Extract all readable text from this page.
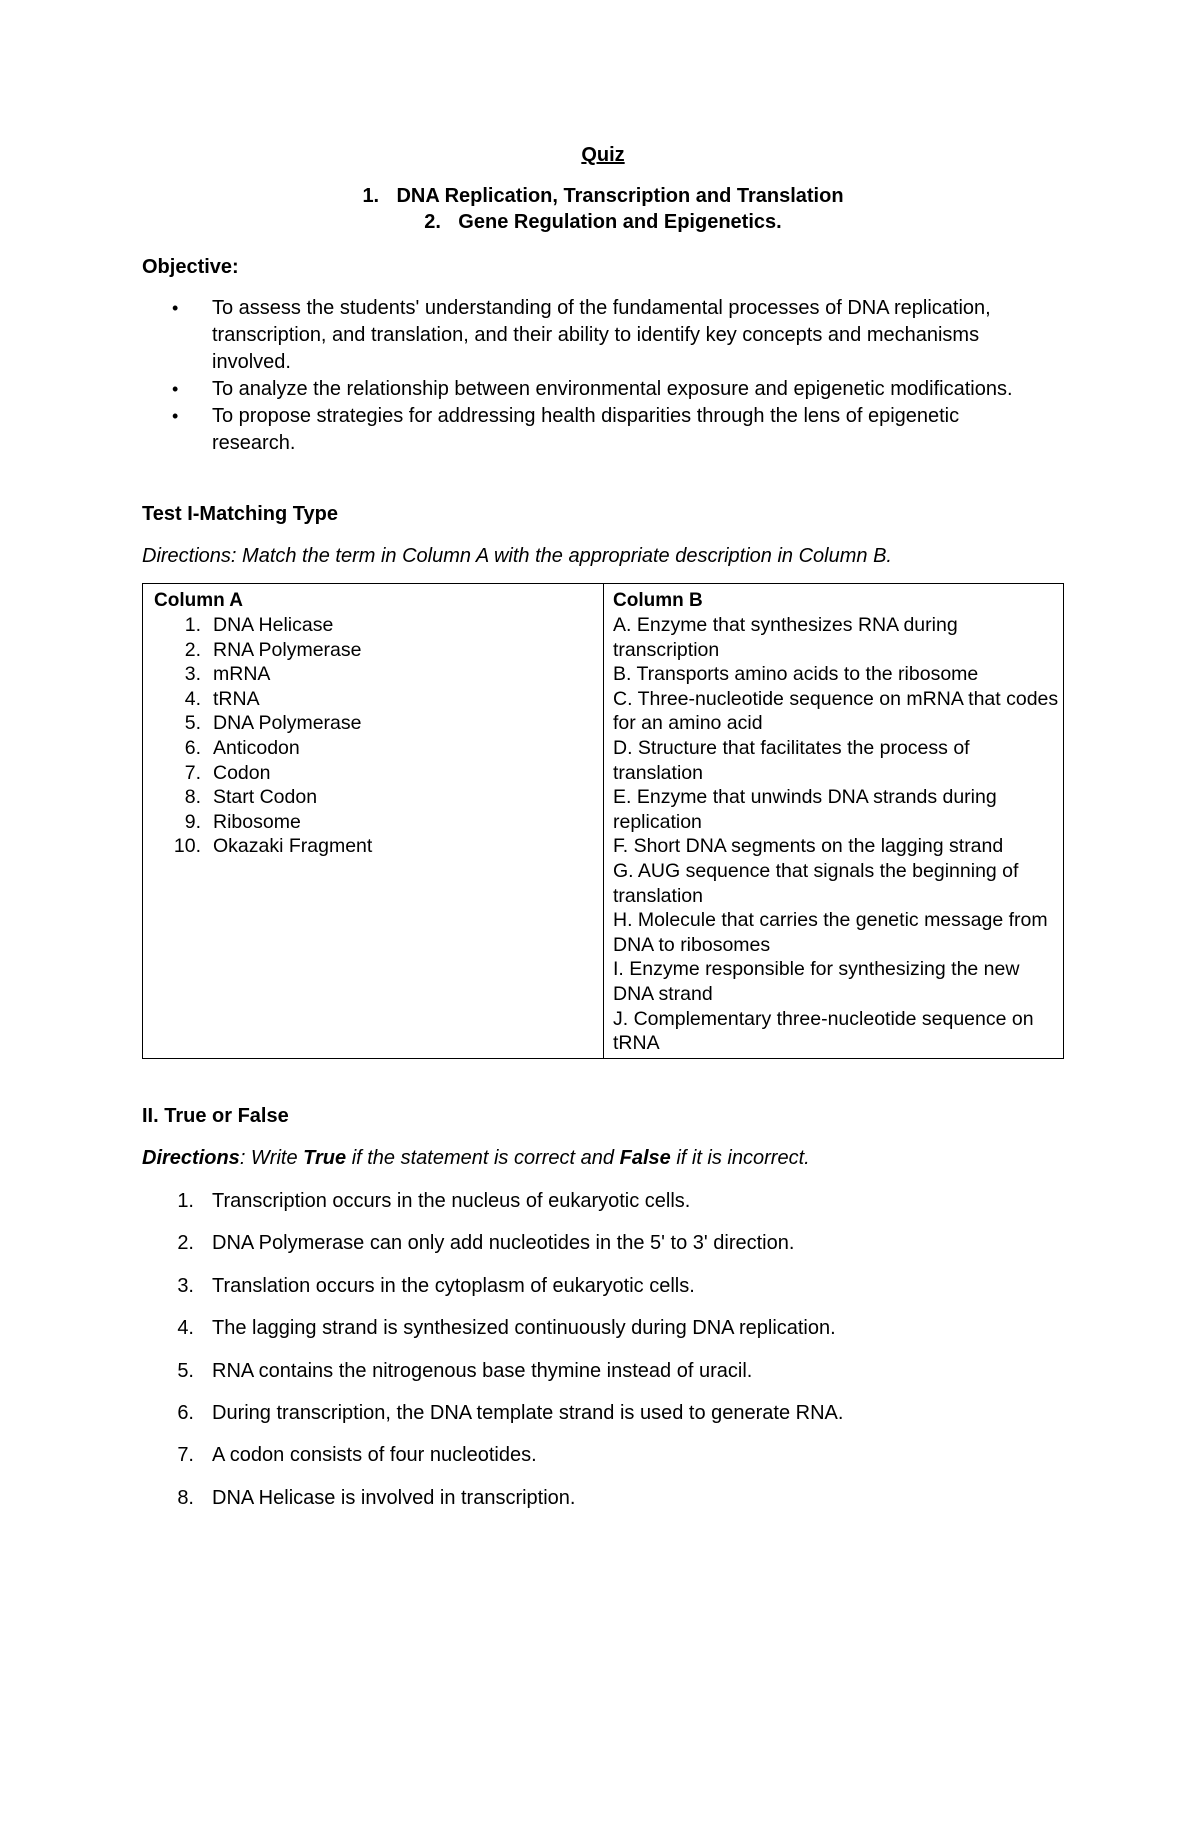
Quiz
1. DNA Replication, Transcription and Translation
2. Gene Regulation and Epigenetics.
Objective:
• To assess the students' understanding of the fundamental processes of DNA replication, transcription, and translation, and their ability to identify key concepts and mechanisms involved.
• To analyze the relationship between environmental exposure and epigenetic modifications.
• To propose strategies for addressing health disparities through the lens of epigenetic research.
Test I-Matching Type
Directions: Match the term in Column A with the appropriate description in Column B.
Column A
1. DNA Helicase
2. RNA Polymerase
3. mRNA
4. tRNA
5. DNA Polymerase
6. Anticodon
7. Codon
8. Start Codon
9. Ribosome
10. Okazaki Fragment
Column B
A. Enzyme that synthesizes RNA during transcription
B. Transports amino acids to the ribosome
C. Three-nucleotide sequence on mRNA that codes for an amino acid
D. Structure that facilitates the process of translation
E. Enzyme that unwinds DNA strands during replication
F. Short DNA segments on the lagging strand
G. AUG sequence that signals the beginning of translation
H. Molecule that carries the genetic message from DNA to ribosomes
I. Enzyme responsible for synthesizing the new DNA strand
J. Complementary three-nucleotide sequence on tRNA
II. True or False
Directions: Write True if the statement is correct and False if it is incorrect.
1. Transcription occurs in the nucleus of eukaryotic cells.
2. DNA Polymerase can only add nucleotides in the 5' to 3' direction.
3. Translation occurs in the cytoplasm of eukaryotic cells.
4. The lagging strand is synthesized continuously during DNA replication.
5. RNA contains the nitrogenous base thymine instead of uracil.
6. During transcription, the DNA template strand is used to generate RNA.
7. A codon consists of four nucleotides.
8. DNA Helicase is involved in transcription.
